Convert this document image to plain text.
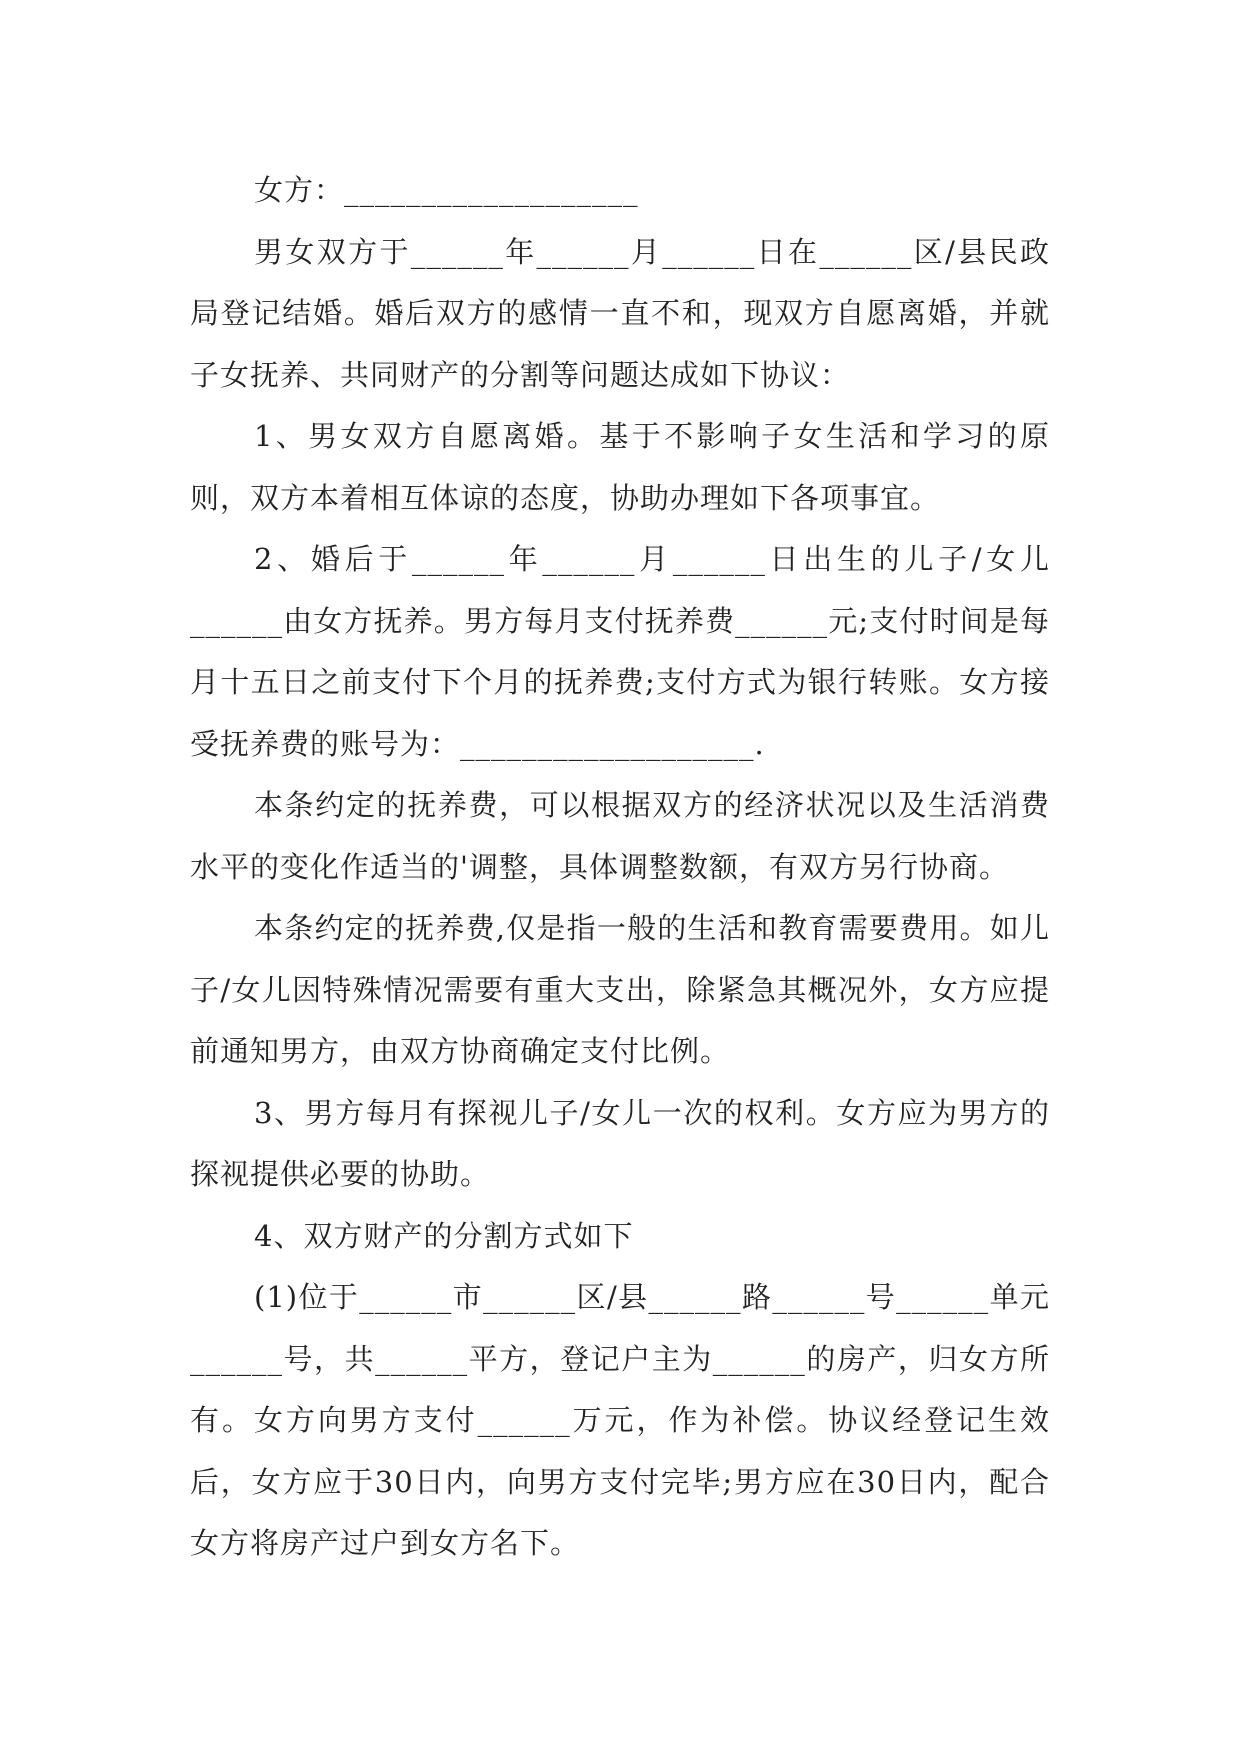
女方：___________________

男女双方于______年______月______日在______区/县民政局登记结婚。婚后双方的感情一直不和，现双方自愿离婚，并就子女抚养、共同财产的分割等问题达成如下协议：

1、男女双方自愿离婚。基于不影响子女生活和学习的原则，双方本着相互体谅的态度，协助办理如下各项事宜。

2、婚后于______年______月______日出生的儿子/女儿______由女方抚养。男方每月支付抚养费______元;支付时间是每月十五日之前支付下个月的抚养费;支付方式为银行转账。女方接受抚养费的账号为：___________________.

本条约定的抚养费，可以根据双方的经济状况以及生活消费水平的变化作适当的'调整，具体调整数额，有双方另行协商。

本条约定的抚养费,仅是指一般的生活和教育需要费用。如儿子/女儿因特殊情况需要有重大支出，除紧急其概况外，女方应提前通知男方，由双方协商确定支付比例。

3、男方每月有探视儿子/女儿一次的权利。女方应为男方的探视提供必要的协助。

4、双方财产的分割方式如下

(1)位于______市______区/县______路______号______单元______号，共______平方，登记户主为______的房产，归女方所有。女方向男方支付______万元，作为补偿。协议经登记生效后，女方应于30日内，向男方支付完毕;男方应在30日内，配合女方将房产过户到女方名下。
